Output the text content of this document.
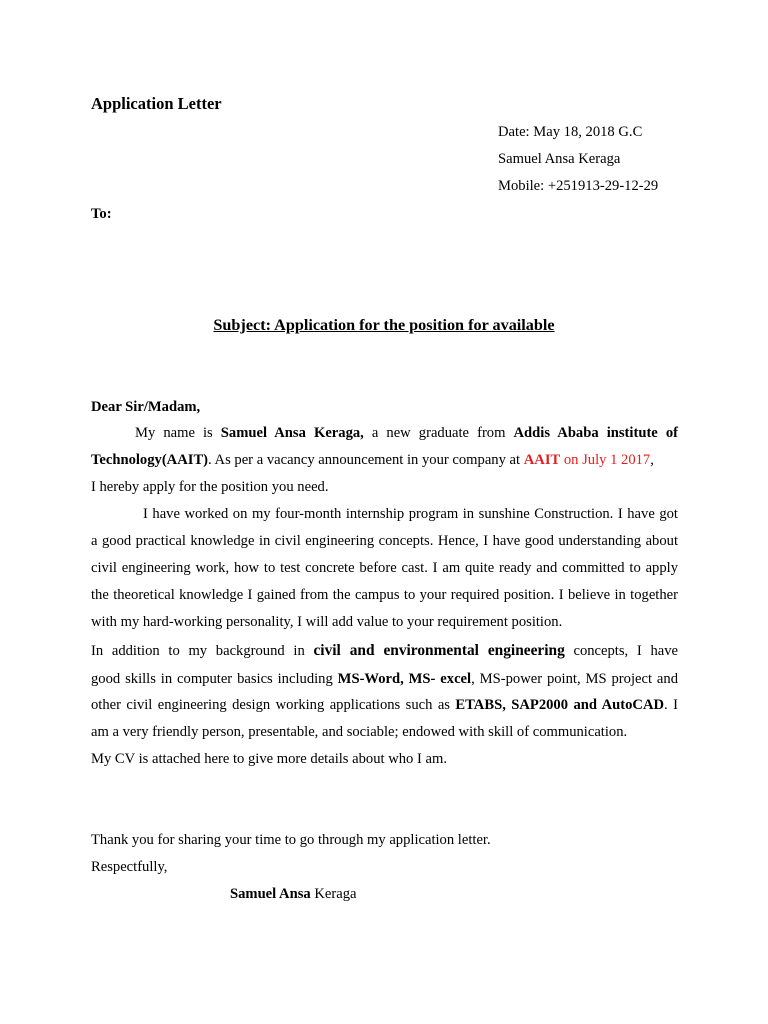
Application Letter
Date: May 18, 2018 G.C
Samuel Ansa Keraga
Mobile: +251913-29-12-29
To:
Subject: Application for the position for available
Dear Sir/Madam,
My name is Samuel Ansa Keraga, a new graduate from Addis Ababa institute of
Technology(AAIT). As per a vacancy announcement in your company at AAIT on July 1 2017,
I hereby apply for the position you need.
I have worked on my four-month internship program in sunshine Construction. I have got
a good practical knowledge in civil engineering concepts. Hence, I have good understanding about
civil engineering work, how to test concrete before cast. I am quite ready and committed to apply
the theoretical knowledge I gained from the campus to your required position. I believe in together
with my hard-working personality, I will add value to your requirement position.
In addition to my background in civil and environmental engineering concepts, I have
good skills in computer basics including MS-Word, MS- excel, MS-power point, MS project and
other civil engineering design working applications such as ETABS, SAP2000 and AutoCAD. I
am a very friendly person, presentable, and sociable; endowed with skill of communication.
My CV is attached here to give more details about who I am.
Thank you for sharing your time to go through my application letter.
Respectfully,
Samuel Ansa Keraga
